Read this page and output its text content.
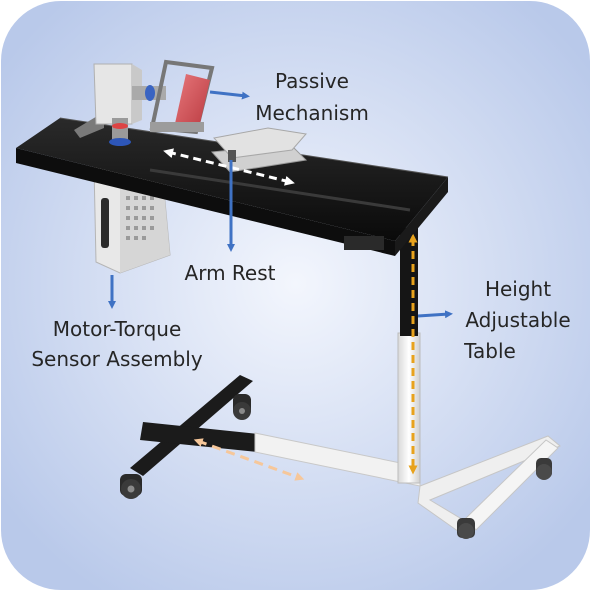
Passive
Mechanism
Arm Rest
Motor-Torque
Sensor Assembly
Height
Adjustable
Table
